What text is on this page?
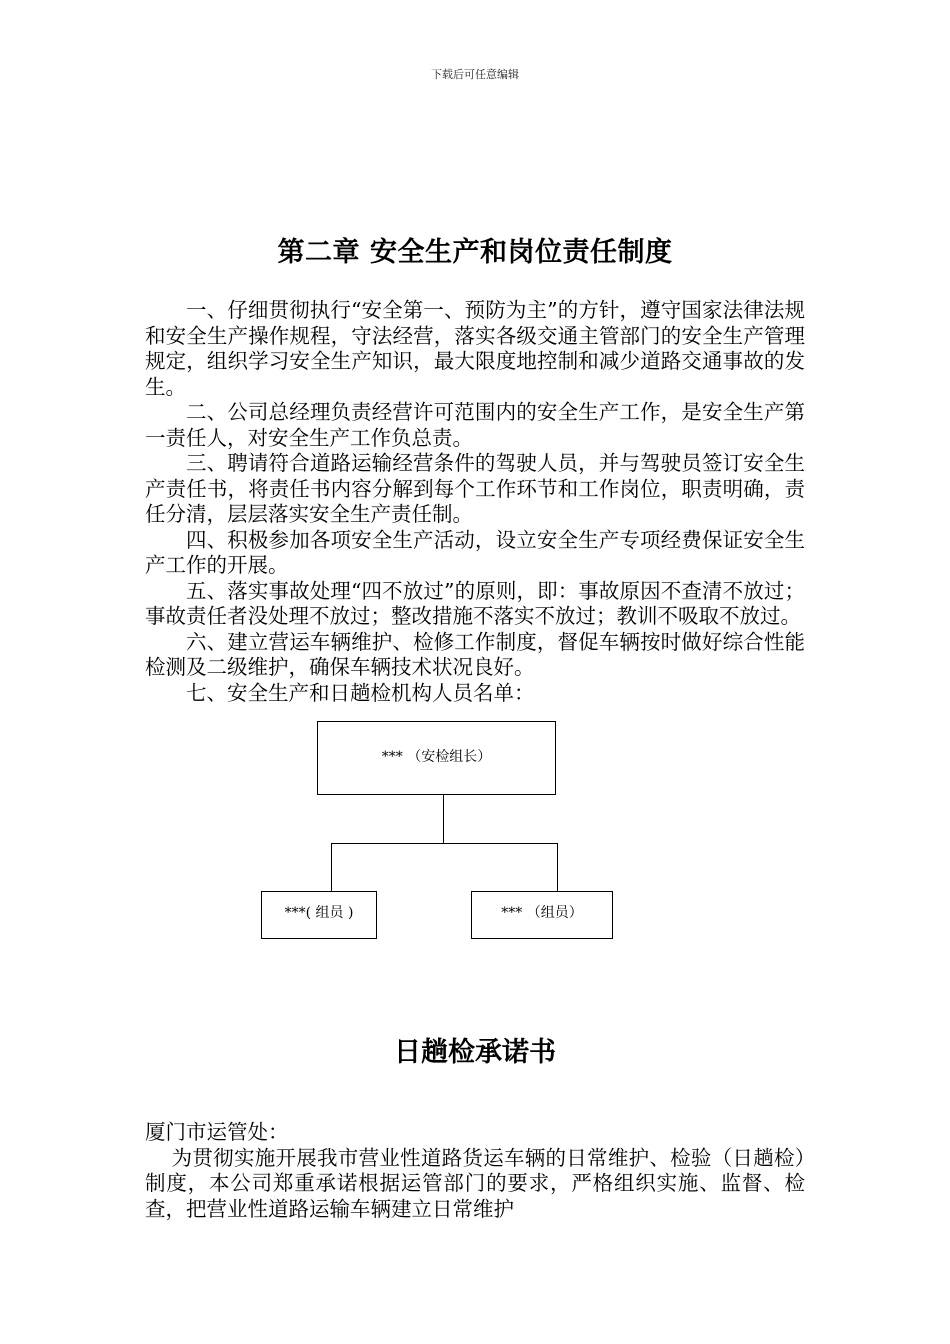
下载后可任意编辑
第二章 安全生产和岗位责任制度

一、仔细贯彻执行“安全第一、预防为主”的方针，遵守国家法律法规和安全生产操作规程，守法经营，落实各级交通主管部门的安全生产管理规定，组织学习安全生产知识，最大限度地控制和减少道路交通事故的发生。

二、公司总经理负责经营许可范围内的安全生产工作，是安全生产第一责任人，对安全生产工作负总责。

三、聘请符合道路运输经营条件的驾驶人员，并与驾驶员签订安全生产责任书，将责任书内容分解到每个工作环节和工作岗位，职责明确，责任分清，层层落实安全生产责任制。

四、积极参加各项安全生产活动，设立安全生产专项经费保证安全生产工作的开展。

五、落实事故处理“四不放过”的原则，即：事故原因不查清不放过；事故责任者没处理不放过；整改措施不落实不放过；教训不吸取不放过。

六、建立营运车辆维护、检修工作制度，督促车辆按时做好综合性能检测及二级维护，确保车辆技术状况良好。

七、安全生产和日趟检机构人员名单：

*** （安检组长）
***( 组员 )	*** （组员）
日趟检承诺书

厦门市运管处：

为贯彻实施开展我市营业性道路货运车辆的日常维护、检验（日趟检）制度，本公司郑重承诺根据运管部门的要求，严格组织实施、监督、检查，把营业性道路运输车辆建立日常维护
